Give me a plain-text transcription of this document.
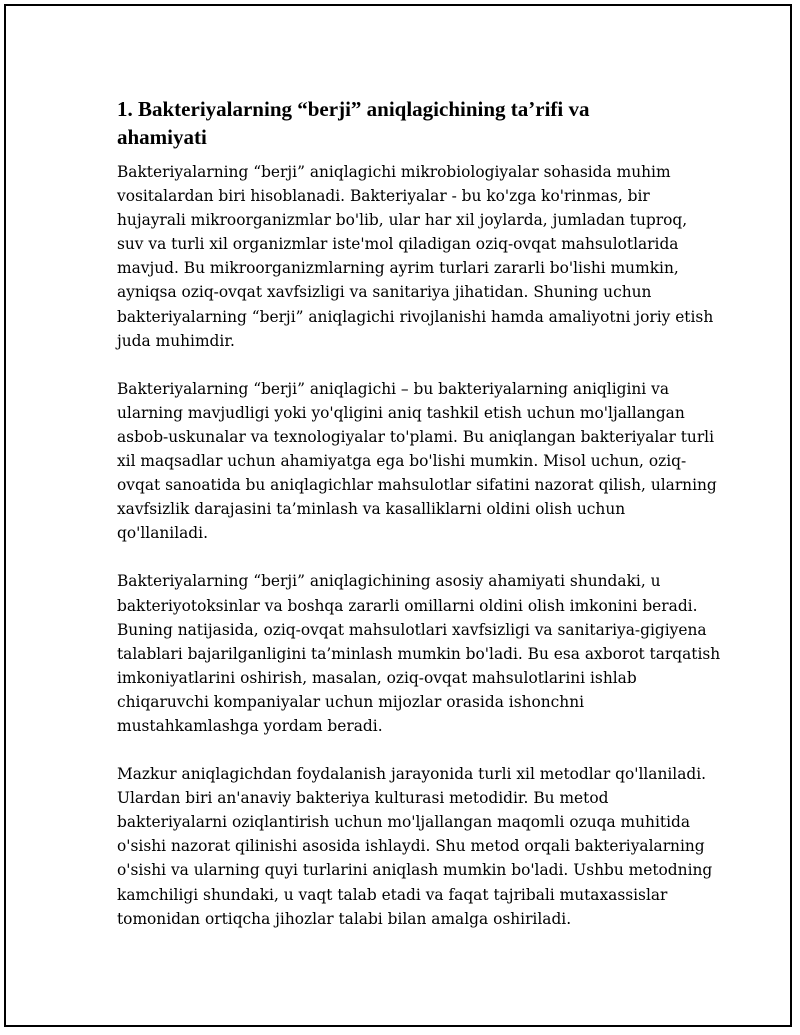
1. Bakteriyalarning “berji” aniqlagichining ta’rifi va
ahamiyati
Bakteriyalarning “berji” aniqlagichi mikrobiologiyalar sohasida muhim
vositalardan biri hisoblanadi. Bakteriyalar - bu ko'zga ko'rinmas, bir
hujayrali mikroorganizmlar bo'lib, ular har xil joylarda, jumladan tuproq,
suv va turli xil organizmlar iste'mol qiladigan oziq-ovqat mahsulotlarida
mavjud. Bu mikroorganizmlarning ayrim turlari zararli bo'lishi mumkin,
ayniqsa oziq-ovqat xavfsizligi va sanitariya jihatidan. Shuning uchun
bakteriyalarning “berji” aniqlagichi rivojlanishi hamda amaliyotni joriy etish
juda muhimdir.
Bakteriyalarning “berji” aniqlagichi – bu bakteriyalarning aniqligini va
ularning mavjudligi yoki yo'qligini aniq tashkil etish uchun mo'ljallangan
asbob-uskunalar va texnologiyalar to'plami. Bu aniqlangan bakteriyalar turli
xil maqsadlar uchun ahamiyatga ega bo'lishi mumkin. Misol uchun, oziq-
ovqat sanoatida bu aniqlagichlar mahsulotlar sifatini nazorat qilish, ularning
xavfsizlik darajasini ta’minlash va kasalliklarni oldini olish uchun
qo'llaniladi.
Bakteriyalarning “berji” aniqlagichining asosiy ahamiyati shundaki, u
bakteriyotoksinlar va boshqa zararli omillarni oldini olish imkonini beradi.
Buning natijasida, oziq-ovqat mahsulotlari xavfsizligi va sanitariya-gigiyena
talablari bajarilganligini ta’minlash mumkin bo'ladi. Bu esa axborot tarqatish
imkoniyatlarini oshirish, masalan, oziq-ovqat mahsulotlarini ishlab
chiqaruvchi kompaniyalar uchun mijozlar orasida ishonchni
mustahkamlashga yordam beradi.
Mazkur aniqlagichdan foydalanish jarayonida turli xil metodlar qo'llaniladi.
Ulardan biri an'anaviy bakteriya kulturasi metodidir. Bu metod
bakteriyalarni oziqlantirish uchun mo'ljallangan maqomli ozuqa muhitida
o'sishi nazorat qilinishi asosida ishlaydi. Shu metod orqali bakteriyalarning
o'sishi va ularning quyi turlarini aniqlash mumkin bo'ladi. Ushbu metodning
kamchiligi shundaki, u vaqt talab etadi va faqat tajribali mutaxassislar
tomonidan ortiqcha jihozlar talabi bilan amalga oshiriladi.
